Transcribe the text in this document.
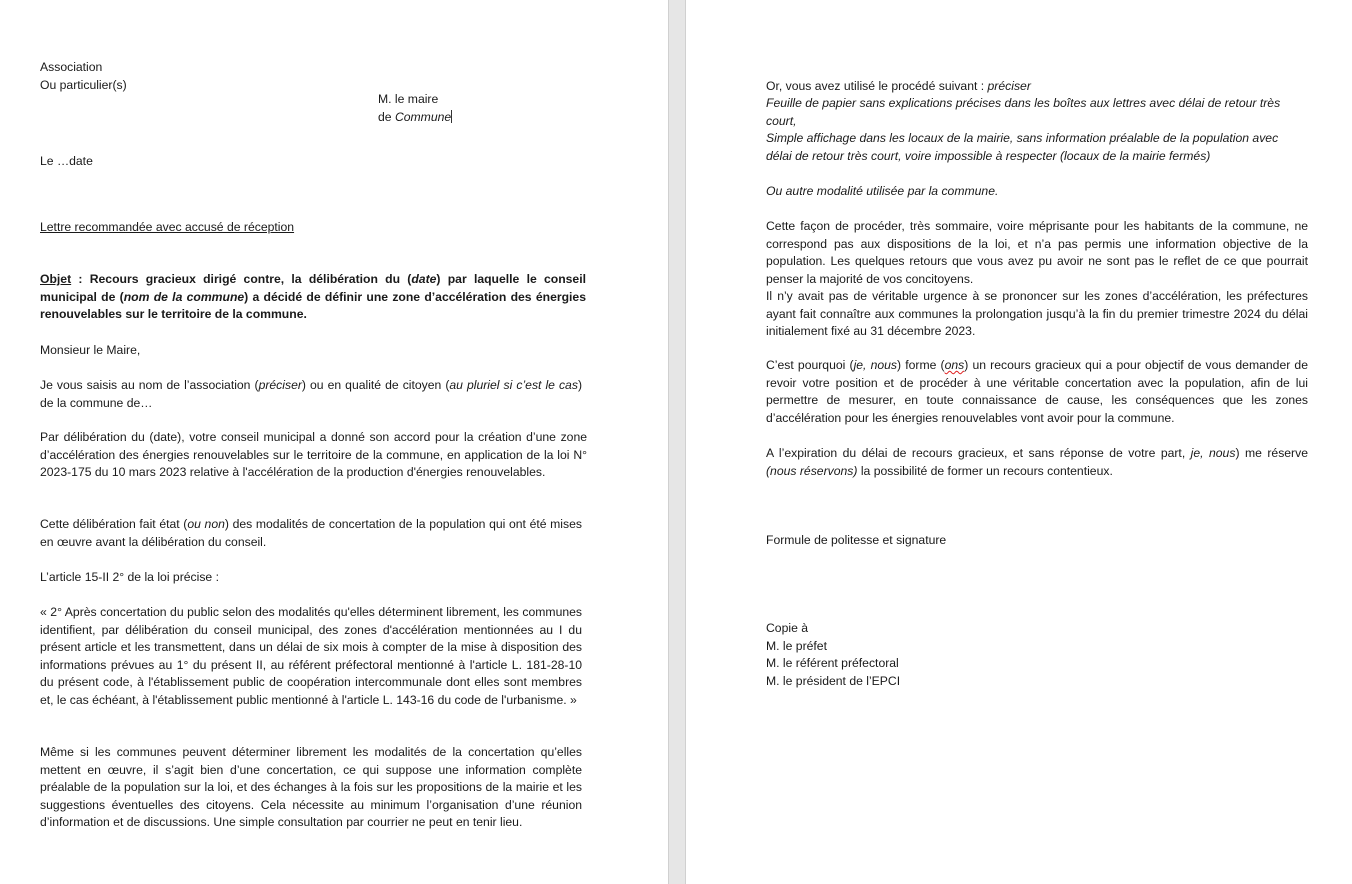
Association
Ou particulier(s)
M. le maire
de Commune
Le …date
Lettre recommandée avec accusé de réception
Objet : Recours gracieux dirigé contre, la délibération du (date) par laquelle le conseil municipal de (nom de la commune) a décidé de définir une zone d’accélération des énergies renouvelables sur le territoire de la commune.
Monsieur le Maire,
Je vous saisis au nom de l’association (préciser) ou en qualité de citoyen (au pluriel si c’est le cas) de la commune de…
Par délibération du (date), votre conseil municipal a donné son accord pour la création d’une zone d’accélération des énergies renouvelables sur le territoire de la commune, en application de la loi N° 2023-175 du 10 mars 2023 relative à l'accélération de la production d'énergies renouvelables.
Cette délibération fait état (ou non) des modalités de concertation de la population qui ont été mises en œuvre avant la délibération du conseil.
L’article 15-II 2° de la loi précise :
« 2° Après concertation du public selon des modalités qu'elles déterminent librement, les communes identifient, par délibération du conseil municipal, des zones d'accélération mentionnées au I du présent article et les transmettent, dans un délai de six mois à compter de la mise à disposition des informations prévues au 1° du présent II, au référent préfectoral mentionné à l'article L. 181-28-10 du présent code, à l'établissement public de coopération intercommunale dont elles sont membres et, le cas échéant, à l'établissement public mentionné à l'article L. 143-16 du code de l'urbanisme. »
Même si les communes peuvent déterminer librement les modalités de la concertation qu’elles mettent en œuvre, il s’agit bien d’une concertation, ce qui suppose une information complète préalable de la population sur la loi, et des échanges à la fois sur les propositions de la mairie et les suggestions éventuelles des citoyens. Cela nécessite au minimum l’organisation d’une réunion d’information et de discussions. Une simple consultation par courrier ne peut en tenir lieu.
Or, vous avez utilisé le procédé suivant : préciser
Feuille de papier sans explications précises dans les boîtes aux lettres avec délai de retour très court,
Simple affichage dans les locaux de la mairie, sans information préalable de la population avec délai de retour très court, voire impossible à respecter (locaux de la mairie fermés)
Ou autre modalité utilisée par la commune.
Cette façon de procéder, très sommaire, voire méprisante pour les habitants de la commune, ne correspond pas aux dispositions de la loi, et n’a pas permis une information objective de la population. Les quelques retours que vous avez pu avoir ne sont pas le reflet de ce que pourrait penser la majorité de vos concitoyens.
Il n’y avait pas de véritable urgence à se prononcer sur les zones d’accélération, les préfectures ayant fait connaître aux communes la prolongation jusqu’à la fin du premier trimestre 2024 du délai initialement fixé au 31 décembre 2023.
C’est pourquoi (je, nous) forme (ons) un recours gracieux qui a pour objectif de vous demander de revoir votre position et de procéder à une véritable concertation avec la population, afin de lui permettre de mesurer, en toute connaissance de cause, les conséquences que les zones d’accélération pour les énergies renouvelables vont avoir pour la commune.
A l’expiration du délai de recours gracieux, et sans réponse de votre part, je, nous) me réserve (nous réservons) la possibilité de former un recours contentieux.
Formule de politesse et signature
Copie à
M. le préfet
M. le référent préfectoral
M. le président de l’EPCI
